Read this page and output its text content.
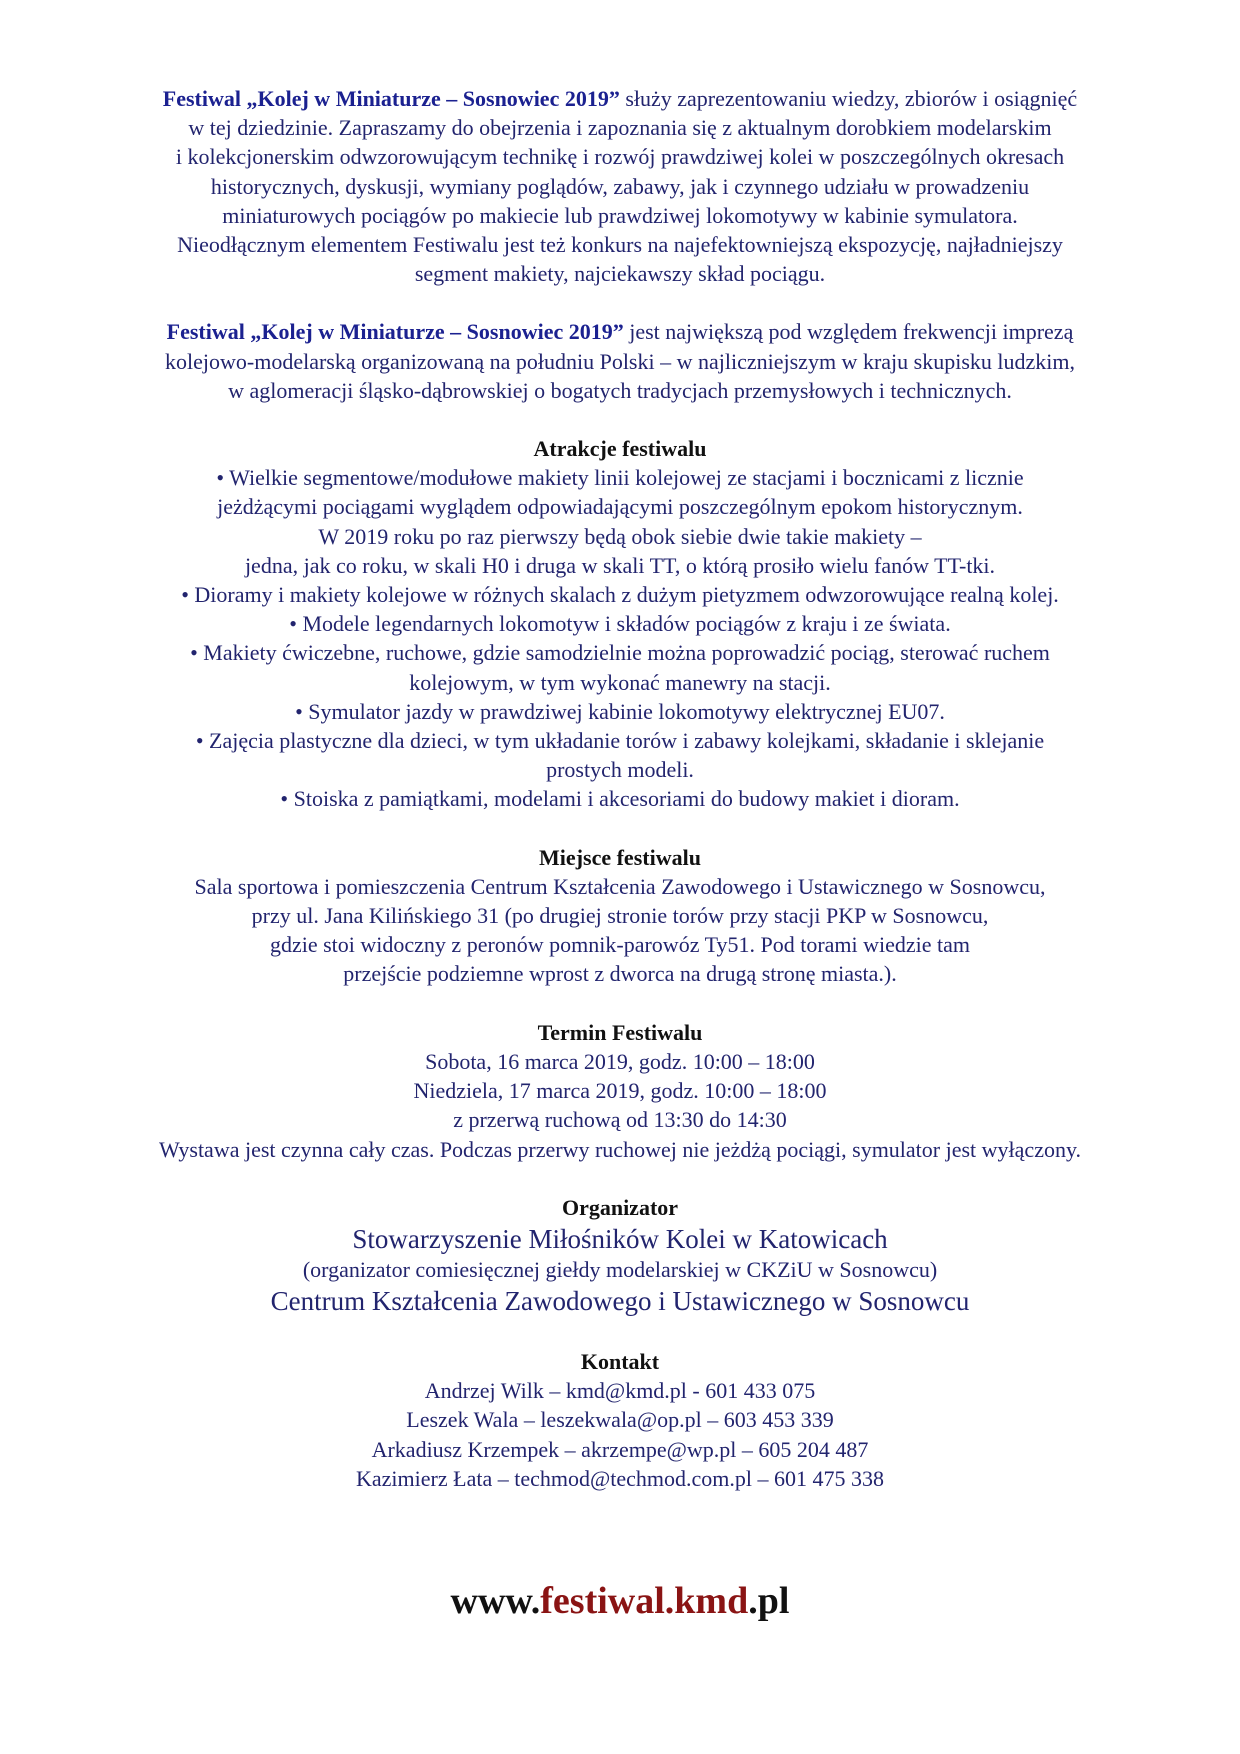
Festiwal „Kolej w Miniaturze – Sosnowiec 2019” służy zaprezentowaniu wiedzy, zbiorów i osiągnięć
w tej dziedzinie. Zapraszamy do obejrzenia i zapoznania się z aktualnym dorobkiem modelarskim
i kolekcjonerskim odwzorowującym technikę i rozwój prawdziwej kolei w poszczególnych okresach
historycznych, dyskusji, wymiany poglądów, zabawy, jak i czynnego udziału w prowadzeniu
miniaturowych pociągów po makiecie lub prawdziwej lokomotywy w kabinie symulatora.
Nieodłącznym elementem Festiwalu jest też konkurs na najefektowniejszą ekspozycję, najładniejszy
segment makiety, najciekawszy skład pociągu.
Festiwal „Kolej w Miniaturze – Sosnowiec 2019” jest największą pod względem frekwencji imprezą
kolejowo-modelarską organizowaną na południu Polski – w najliczniejszym w kraju skupisku ludzkim,
w aglomeracji śląsko-dąbrowskiej o bogatych tradycjach przemysłowych i technicznych.
Atrakcje festiwalu
• Wielkie segmentowe/modułowe makiety linii kolejowej ze stacjami i bocznicami z licznie
jeżdżącymi pociągami wyglądem odpowiadającymi poszczególnym epokom historycznym.
W 2019 roku po raz pierwszy będą obok siebie dwie takie makiety –
jedna, jak co roku, w skali H0 i druga w skali TT, o którą prosiło wielu fanów TT-tki.
• Dioramy i makiety kolejowe w różnych skalach z dużym pietyzmem odwzorowujące realną kolej.
• Modele legendarnych lokomotyw i składów pociągów z kraju i ze świata.
• Makiety ćwiczebne, ruchowe, gdzie samodzielnie można poprowadzić pociąg, sterować ruchem
kolejowym, w tym wykonać manewry na stacji.
• Symulator jazdy w prawdziwej kabinie lokomotywy elektrycznej EU07.
• Zajęcia plastyczne dla dzieci, w tym układanie torów i zabawy kolejkami, składanie i sklejanie
prostych modeli.
• Stoiska z pamiątkami, modelami i akcesoriami do budowy makiet i dioram.
Miejsce festiwalu
Sala sportowa i pomieszczenia Centrum Kształcenia Zawodowego i Ustawicznego w Sosnowcu,
przy ul. Jana Kilińskiego 31 (po drugiej stronie torów przy stacji PKP w Sosnowcu,
gdzie stoi widoczny z peronów pomnik-parowóz Ty51. Pod torami wiedzie tam
przejście podziemne wprost z dworca na drugą stronę miasta.).
Termin Festiwalu
Sobota, 16 marca 2019, godz. 10:00 – 18:00
Niedziela, 17 marca 2019, godz. 10:00 – 18:00
z przerwą ruchową od 13:30 do 14:30
Wystawa jest czynna cały czas. Podczas przerwy ruchowej nie jeżdżą pociągi, symulator jest wyłączony.
Organizator
Stowarzyszenie Miłośników Kolei w Katowicach
(organizator comiesięcznej giełdy modelarskiej w CKZiU w Sosnowcu)
Centrum Kształcenia Zawodowego i Ustawicznego w Sosnowcu
Kontakt
Andrzej Wilk – kmd@kmd.pl - 601 433 075
Leszek Wala – leszekwala@op.pl – 603 453 339
Arkadiusz Krzempek – akrzempe@wp.pl – 605 204 487
Kazimierz Łata – techmod@techmod.com.pl – 601 475 338
www.festiwal.kmd.pl
